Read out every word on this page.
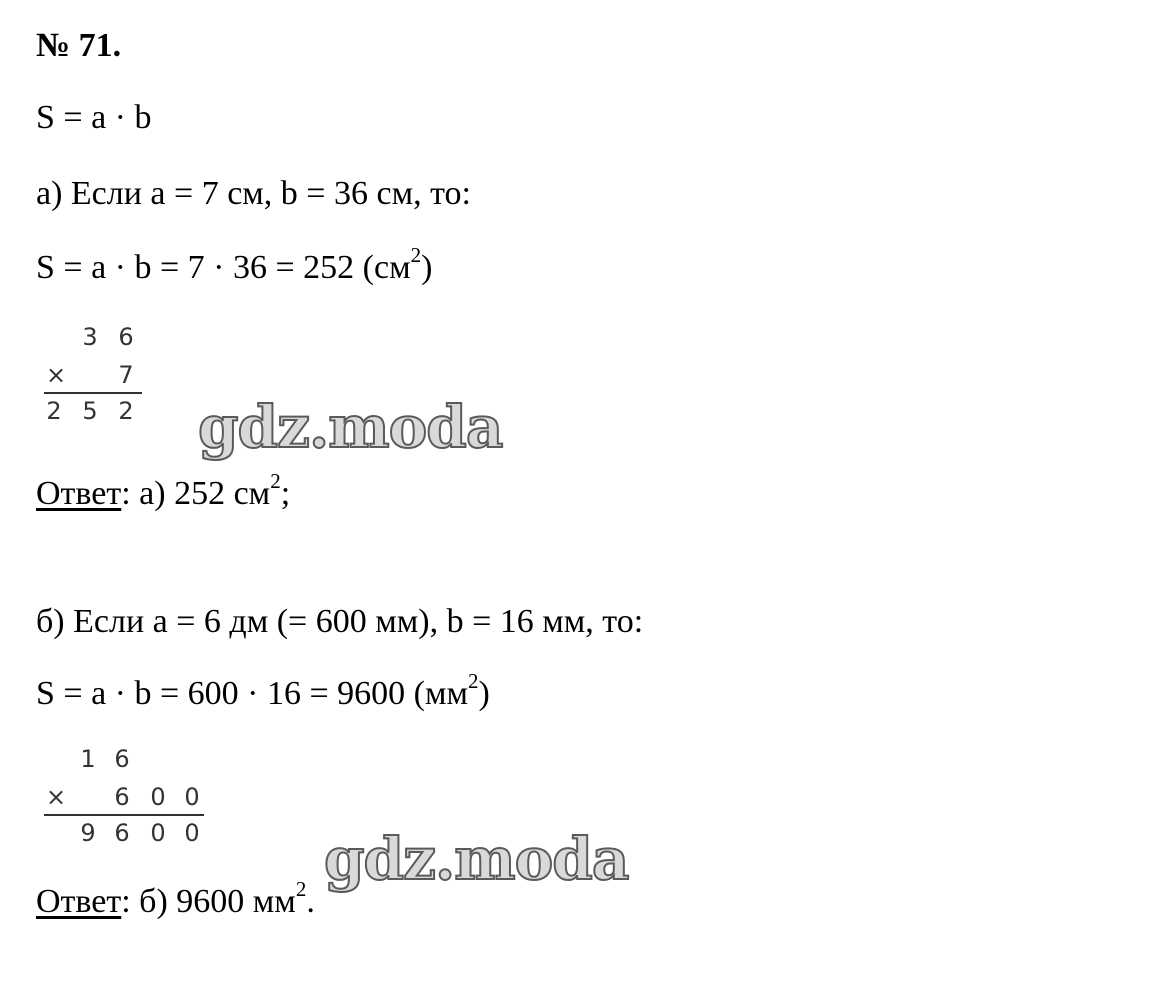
№ 71.
S = a · b
а) Если a = 7 см, b = 36 см, то:
S = a · b = 7 · 36 = 252 $(см^2)$
3 6
× 7
2 5 2 gdz.moda
Ответ: а) 252 $см^2$;
б) Если a = 6 дм (= 600 мм), b = 16 мм, то:
S = a · b = 600 · 16 = 9600 $(мм^2)$
1 6
× 6 0 0
9 6 0 0
Ответ: б) 9600 $мм^2$.
gdz.moda
